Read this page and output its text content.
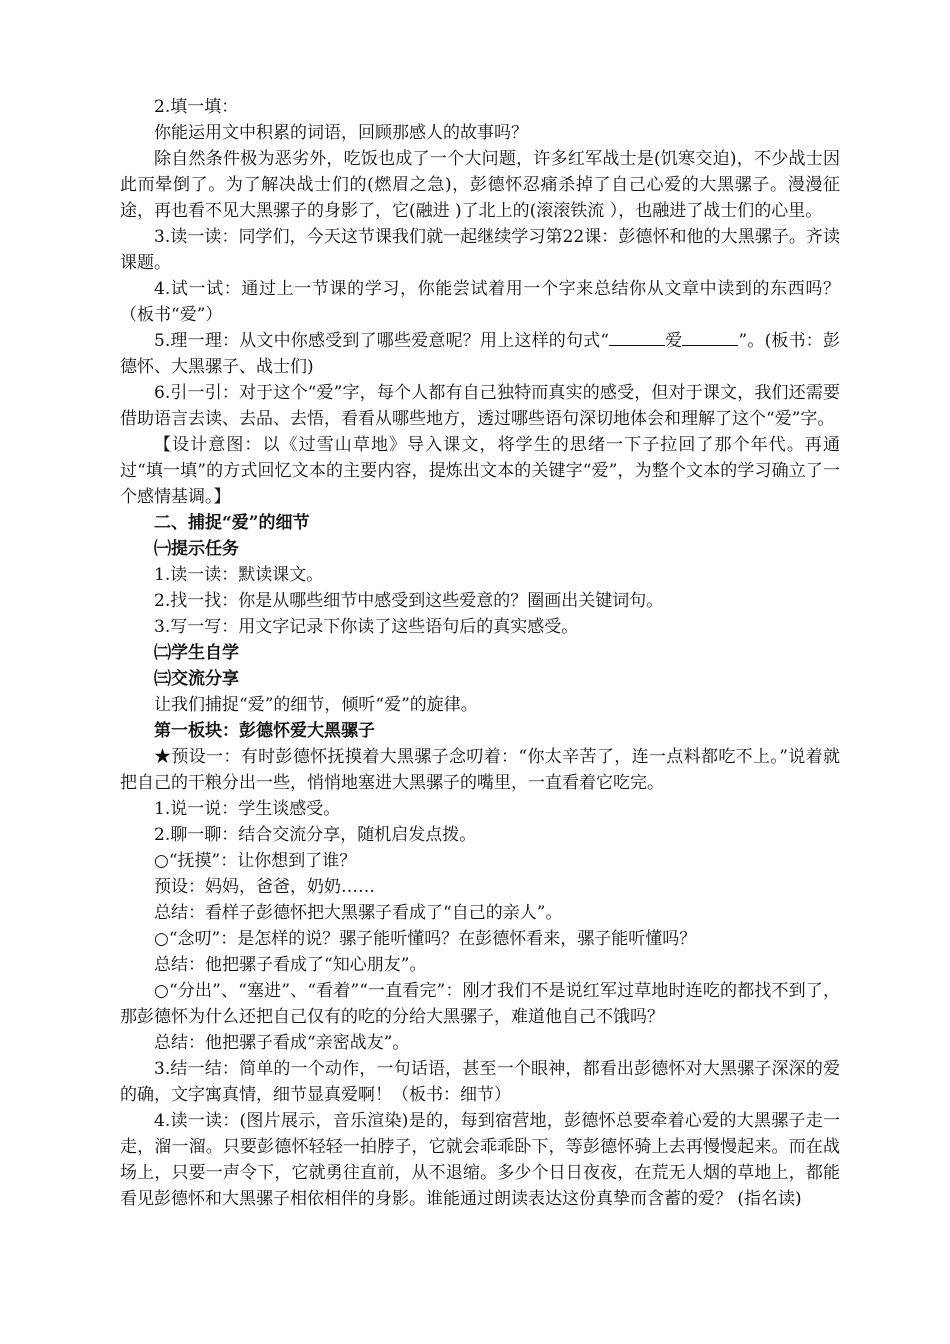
2.填一填：

你能运用文中积累的词语，回顾那感人的故事吗？

除自然条件极为恶劣外，吃饭也成了一个大问题，许多红军战士是(饥寒交迫)，不少战士因此而晕倒了。为了解决战士们的(燃眉之急)，彭德怀忍痛杀掉了自己心爱的大黑骡子。漫漫征途，再也看不见大黑骡子的身影了，它(融进 )了北上的(滚滚铁流 ），也融进了战士们的心里。

3.读一读：同学们，今天这节课我们就一起继续学习第22课：彭德怀和他的大黑骡子。齐读课题。

4.试一试：通过上一节课的学习，你能尝试着用一个字来总结你从文章中读到的东西吗？（板书“爱”）

5.理一理：从文中你感受到了哪些爱意呢？用上这样的句式“	爱	”。(板书：彭德怀、大黑骡子、战士们)

6.引一引：对于这个“爱”字，每个人都有自己独特而真实的感受，但对于课文，我们还需要借助语言去读、去品、去悟，看看从哪些地方，透过哪些语句深切地体会和理解了这个“爱”字。

【设计意图：以《过雪山草地》导入课文，将学生的思绪一下子拉回了那个年代。再通过“填一填”的方式回忆文本的主要内容，提炼出文本的关键字“爱”，为整个文本的学习确立了一个感情基调。】

二、捕捉“爱”的细节

㈠提示任务

1.读一读：默读课文。

2.找一找：你是从哪些细节中感受到这些爱意的？圈画出关键词句。

3.写一写：用文字记录下你读了这些语句后的真实感受。

㈡学生自学

㈢交流分享

让我们捕捉“爱”的细节，倾听“爱”的旋律。

第一板块：彭德怀爱大黑骡子

★预设一：有时彭德怀抚摸着大黑骡子念叨着：“你太辛苦了，连一点料都吃不上。”说着就把自己的干粮分出一些，悄悄地塞进大黑骡子的嘴里，一直看着它吃完。

1.说一说：学生谈感受。

2.聊一聊：结合交流分享，随机启发点拨。

○“抚摸”：让你想到了谁？

预设：妈妈，爸爸，奶奶……

总结：看样子彭德怀把大黑骡子看成了“自己的亲人”。

○“念叨”：是怎样的说？骡子能听懂吗？在彭德怀看来，骡子能听懂吗？

总结：他把骡子看成了“知心朋友”。

○“分出”、“塞进”、“看着”“一直看完”：刚才我们不是说红军过草地时连吃的都找不到了，那彭德怀为什么还把自己仅有的吃的分给大黑骡子，难道他自己不饿吗？

总结：他把骡子看成“亲密战友”。

3.结一结：简单的一个动作，一句话语，甚至一个眼神，都看出彭德怀对大黑骡子深深的爱的确，文字寓真情，细节显真爱啊！（板书：细节）

4.读一读：(图片展示，音乐渲染)是的，每到宿营地，彭德怀总要牵着心爱的大黑骡子走一走，溜一溜。只要彭德怀轻轻一拍脖子，它就会乖乖卧下，等彭德怀骑上去再慢慢起来。而在战场上，只要一声令下，它就勇往直前，从不退缩。多少个日日夜夜，在荒无人烟的草地上，都能看见彭德怀和大黑骡子相依相伴的身影。谁能通过朗读表达这份真挚而含蓄的爱？ (指名读)
